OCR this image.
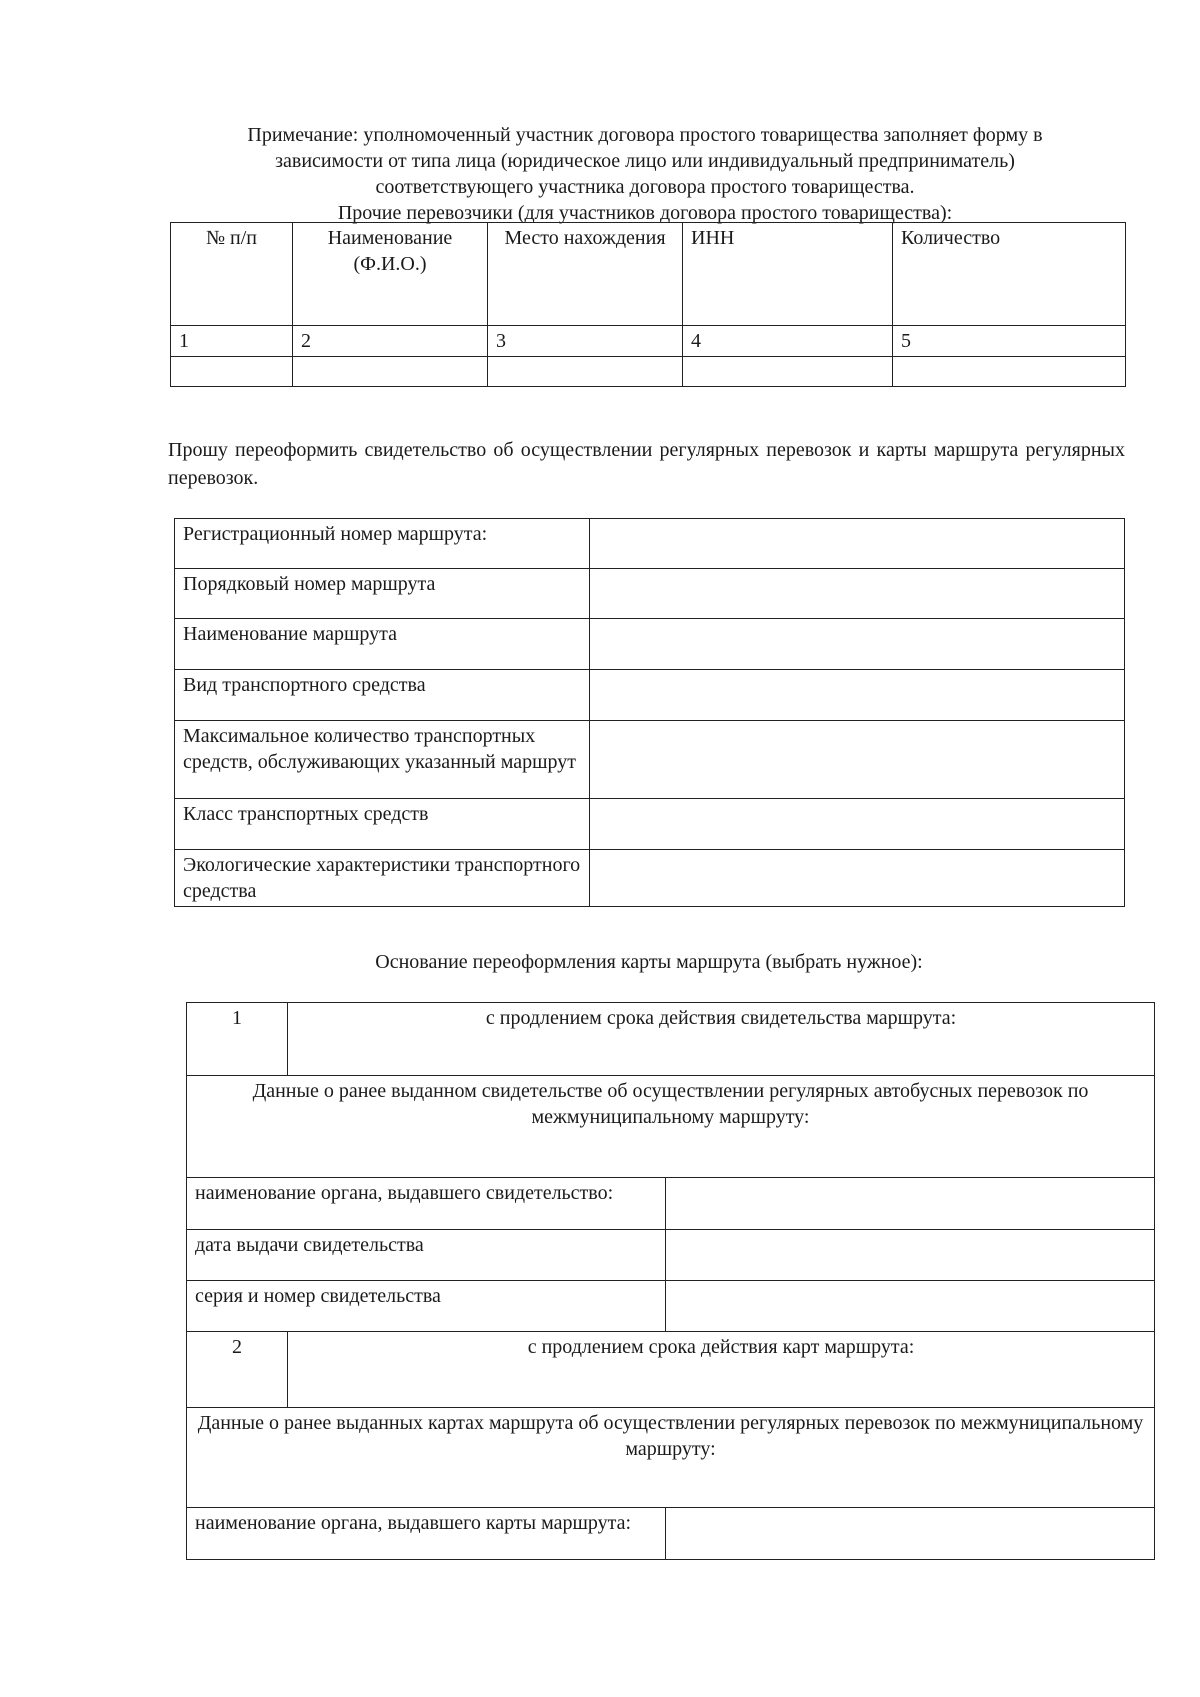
Примечание: уполномоченный участник договора простого товарищества заполняет форму в
зависимости от типа лица (юридическое лицо или индивидуальный предприниматель)
соответствующего участника договора простого товарищества.
Прочие перевозчики (для участников договора простого товарищества):
№ п/п	Наименование (Ф.И.О.)	Место нахождения	ИНН	Количество
1	2	3	4	5

Прошу переоформить свидетельство об осуществлении регулярных перевозок и карты маршрута регулярных перевозок.
Регистрационный номер маршрута:	
Порядковый номер маршрута	
Наименование маршрута	
Вид транспортного средства	
Максимальное количество транспортных средств, обслуживающих указанный маршрут	
Класс транспортных средств	
Экологические характеристики транспортного средства	
Основание переоформления карты маршрута (выбрать нужное):
1	с продлением срока действия свидетельства маршрута:	
Данные о ранее выданном свидетельстве об осуществлении регулярных автобусных перевозок по межмуниципальному маршруту:		
наименование органа, выдавшего свидетельство:		
дата выдачи свидетельства		
серия и номер свидетельства		
2	с продлением срока действия карт маршрута:	
Данные о ранее выданных картах маршрута об осуществлении регулярных перевозок по межмуниципальному маршруту:		
наименование органа, выдавшего карты маршрута:		
